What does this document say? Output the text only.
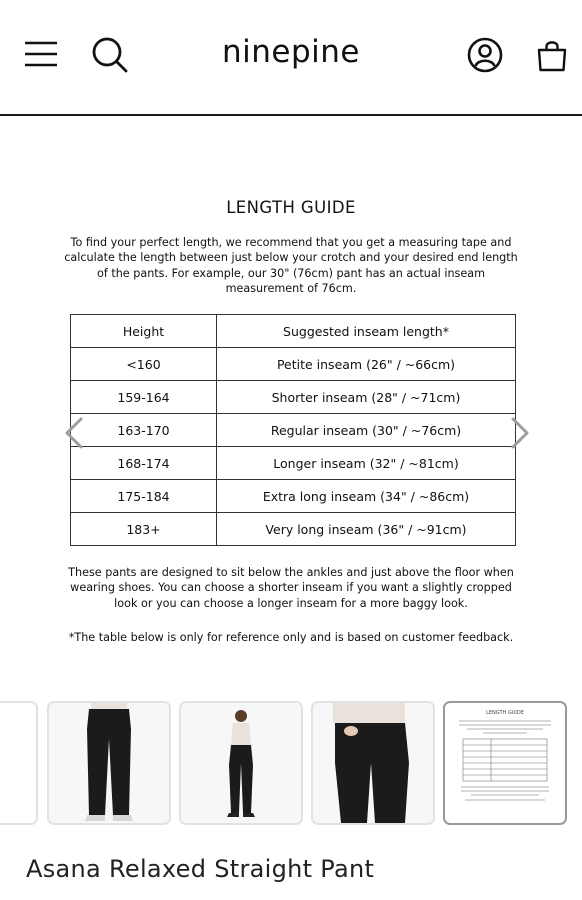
ninepine
LENGTH GUIDE
To find your perfect length, we recommend that you get a measuring tape and
calculate the length between just below your crotch and your desired end length
of the pants. For example, our 30" (76cm) pant has an actual inseam
measurement of 76cm.
Height	Suggested inseam length*
<160	Petite inseam (26" / ~66cm)
159-164	Shorter inseam (28" / ~71cm)
163-170	Regular inseam (30" / ~76cm)
168-174	Longer inseam (32" / ~81cm)
175-184	Extra long inseam (34" / ~86cm)
183+	Very long inseam (36" / ~91cm)
These pants are designed to sit below the ankles and just above the floor when
wearing shoes. You can choose a shorter inseam if you want a slightly cropped
look or you can choose a longer inseam for a more baggy look.
*The table below is only for reference only and is based on customer feedback.
LENGTH GUIDE
Asana Relaxed Straight Pant
